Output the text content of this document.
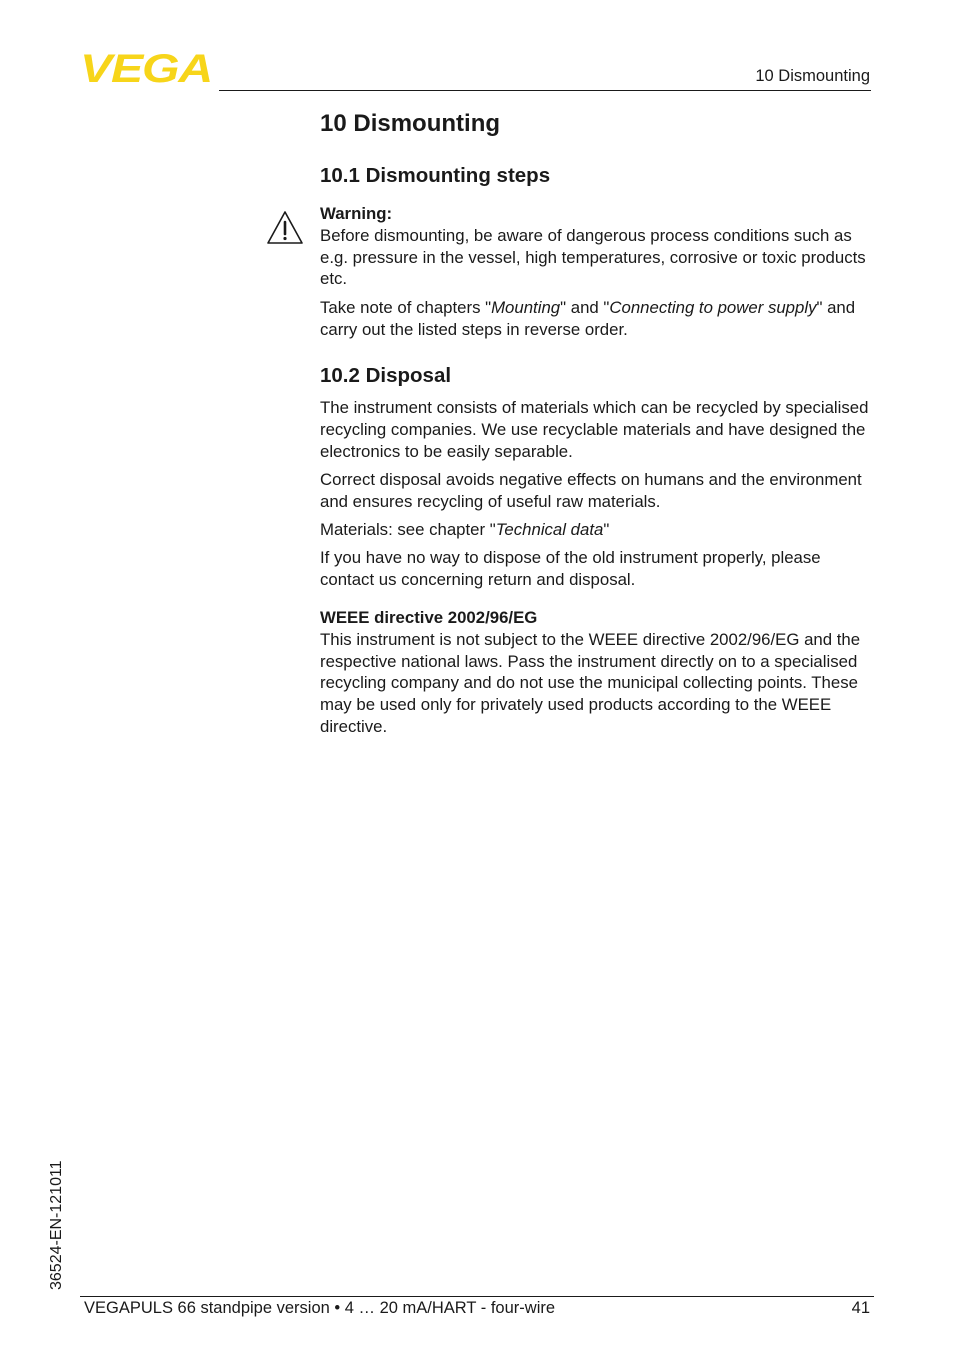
VEGA	10 Dismounting
10 Dismounting
10.1 Dismounting steps

Warning:

Before dismounting, be aware of dangerous process conditions such as e.g. pressure in the vessel, high temperatures, corrosive or toxic products etc.

Take note of chapters "Mounting" and "Connecting to power supply" and carry out the listed steps in reverse order.

10.2 Disposal

The instrument consists of materials which can be recycled by specialised recycling companies. We use recyclable materials and have designed the electronics to be easily separable.

Correct disposal avoids negative effects on humans and the environment and ensures recycling of useful raw materials.

Materials: see chapter "Technical data"

If you have no way to dispose of the old instrument properly, please contact us concerning return and disposal.

WEEE directive 2002/96/EG

This instrument is not subject to the WEEE directive 2002/96/EG and the respective national laws. Pass the instrument directly on to a specialised recycling company and do not use the municipal collecting points. These may be used only for privately used products according to the WEEE directive.

36524-EN-121011
VEGAPULS 66 standpipe version • 4 … 20 mA/HART - four-wire	41
